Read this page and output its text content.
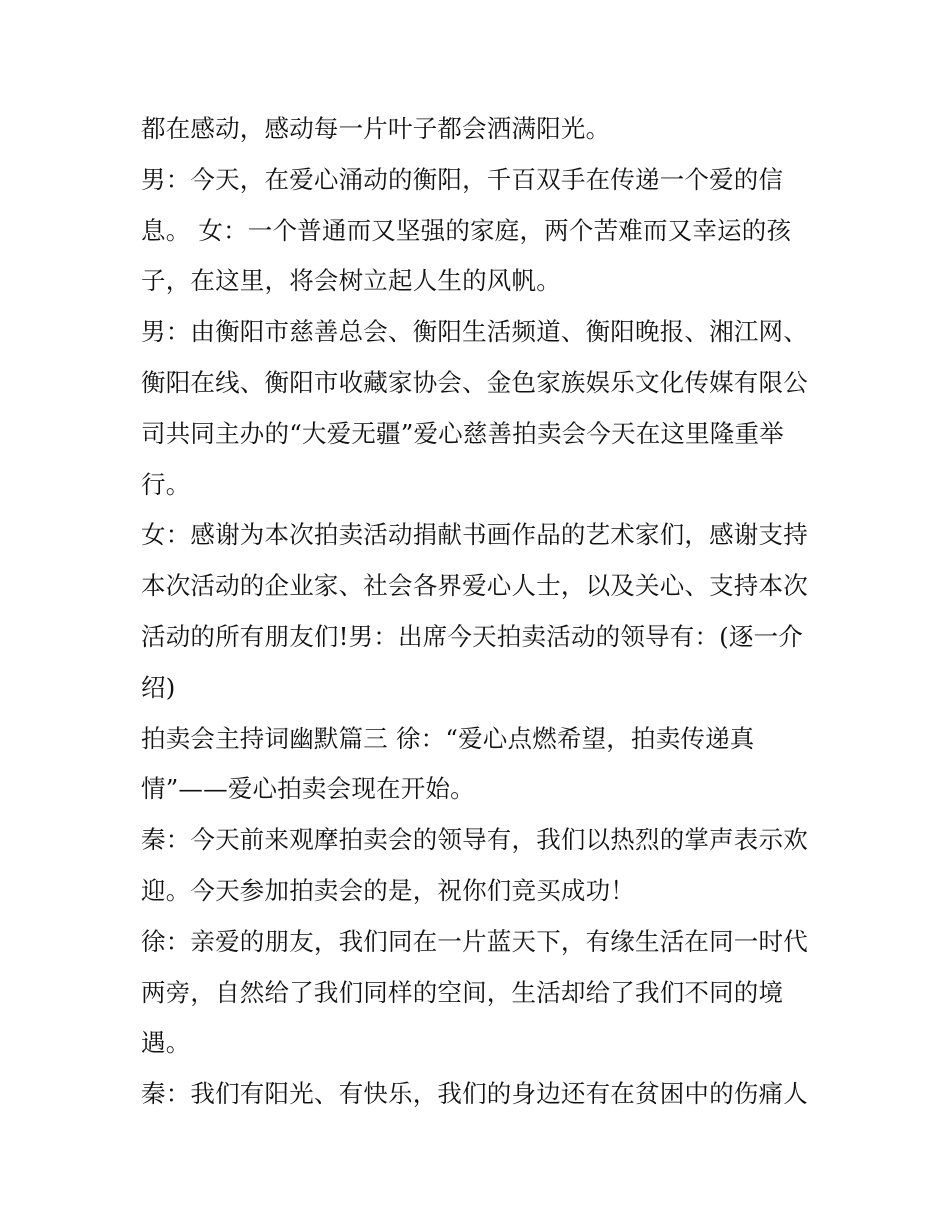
都在感动，感动每一片叶子都会洒满阳光。
男：今天，在爱心涌动的衡阳，千百双手在传递一个爱的信
息。 女：一个普通而又坚强的家庭，两个苦难而又幸运的孩
子，在这里，将会树立起人生的风帆。
男：由衡阳市慈善总会、衡阳生活频道、衡阳晚报、湘江网、
衡阳在线、衡阳市收藏家协会、金色家族娱乐文化传媒有限公
司共同主办的“大爱无疆”爱心慈善拍卖会今天在这里隆重举
行。
女：感谢为本次拍卖活动捐献书画作品的艺术家们，感谢支持
本次活动的企业家、社会各界爱心人士，以及关心、支持本次
活动的所有朋友们!男：出席今天拍卖活动的领导有：(逐一介
绍)
拍卖会主持词幽默篇三 徐：“爱心点燃希望，拍卖传递真
情”——爱心拍卖会现在开始。
秦：今天前来观摩拍卖会的领导有，我们以热烈的掌声表示欢
迎。今天参加拍卖会的是，祝你们竞买成功！
徐：亲爱的朋友，我们同在一片蓝天下，有缘生活在同一时代
两旁，自然给了我们同样的空间，生活却给了我们不同的境
遇。
秦：我们有阳光、有快乐，我们的身边还有在贫困中的伤痛人
